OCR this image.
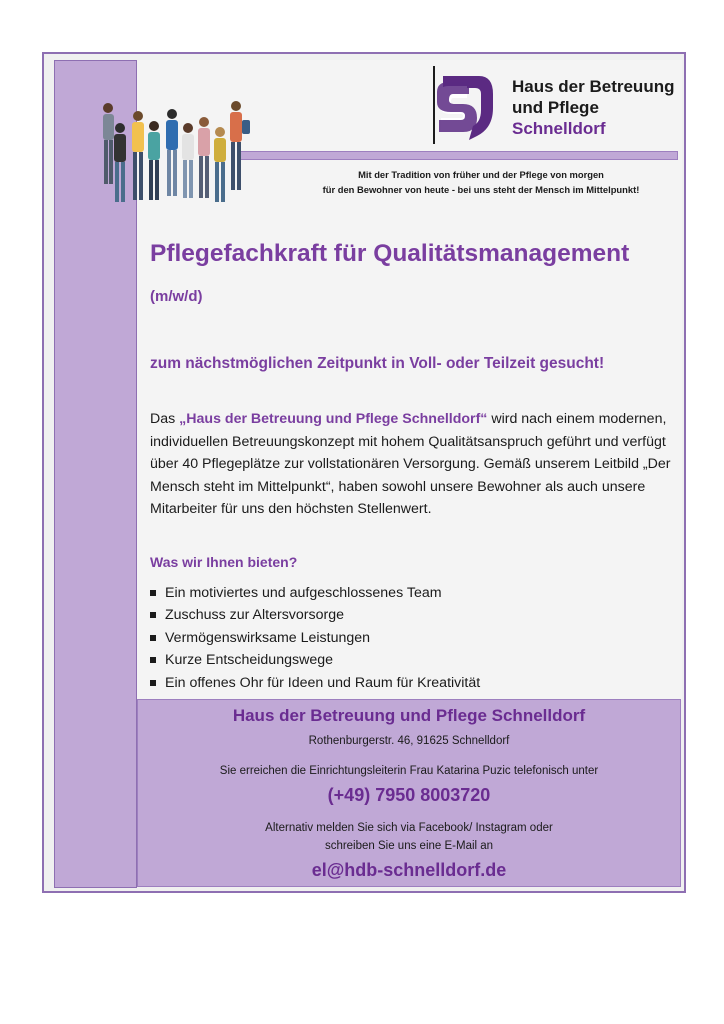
Haus der Betreuung
und Pflege
Schnelldorf
Mit der Tradition von früher und der Pflege von morgen
für den Bewohner von heute - bei uns steht der Mensch im Mittelpunkt!
Pflegefachkraft für Qualitätsmanagement
(m/w/d)
zum nächstmöglichen Zeitpunkt in Voll- oder Teilzeit gesucht!
Das „Haus der Betreuung und Pflege Schnelldorf“ wird nach einem modernen, individuellen Betreuungskonzept mit hohem Qualitätsanspruch geführt und verfügt über 40 Pflegeplätze zur vollstationären Versorgung. Gemäß unserem Leitbild „Der Mensch steht im Mittelpunkt“, haben sowohl unsere Bewohner als auch unsere Mitarbeiter für uns den höchsten Stellenwert.
Was wir Ihnen bieten?
Ein motiviertes und aufgeschlossenes Team
Zuschuss zur Altersvorsorge
Vermögenswirksame Leistungen
Kurze Entscheidungswege
Ein offenes Ohr für Ideen und Raum für Kreativität
Haus der Betreuung und Pflege Schnelldorf
Rothenburgerstr. 46, 91625 Schnelldorf
Sie erreichen die Einrichtungsleiterin Frau Katarina Puzic telefonisch unter
(+49) 7950 8003720
Alternativ melden Sie sich via Facebook/ Instagram oder
schreiben Sie uns eine E-Mail an
el@hdb-schnelldorf.de
